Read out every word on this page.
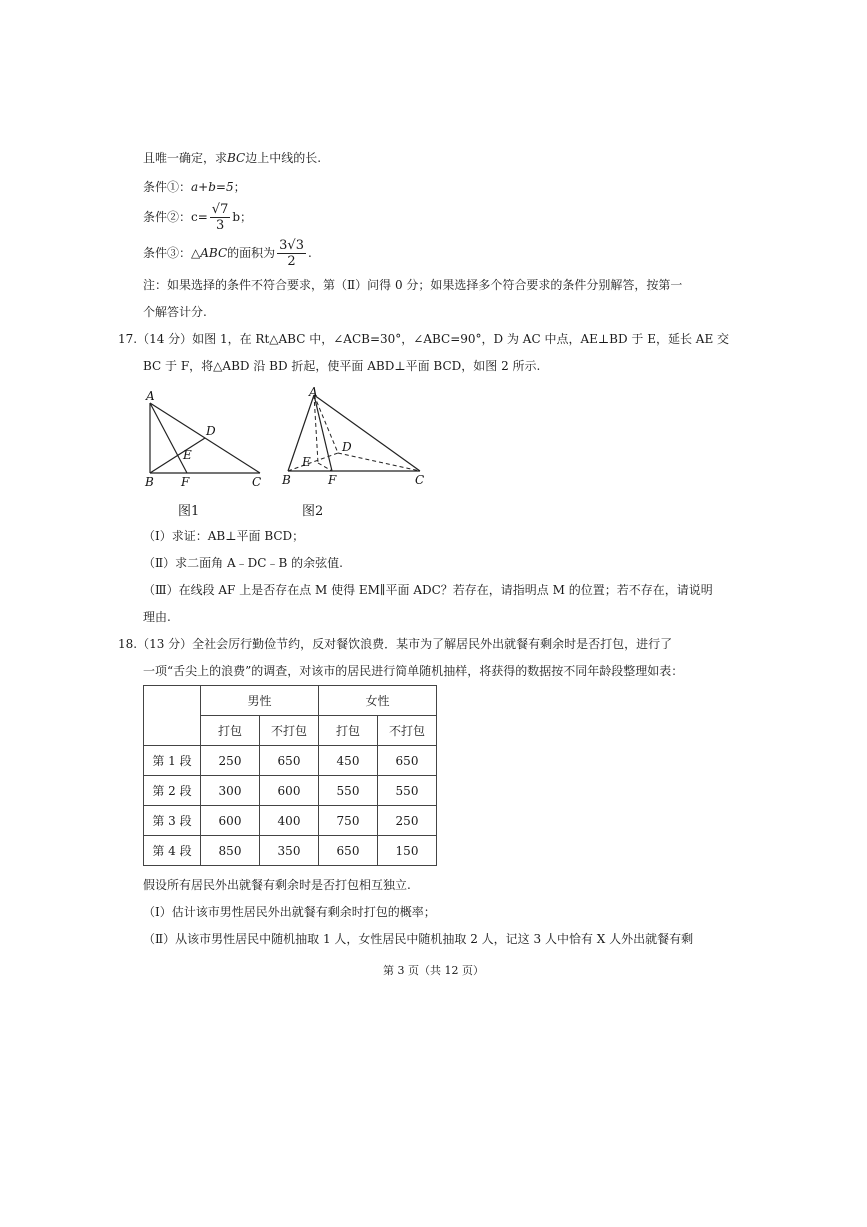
且唯一确定，求BC边上中线的长.
条件①：a+b=5；
条件②：$c= \frac{√7}{3}$ b；
条件③：△ABC的面积为 $\frac{3√3}{2}$ .
注：如果选择的条件不符合要求，第（Ⅱ）问得 0 分；如果选择多个符合要求的条件分别解答，按第一
个解答计分.
17.（14 分）如图 1，在 Rt△ABC 中，∠ACB=30°，∠ABC=90°，D 为 AC 中点，AE⊥BD 于 E，延长 AE 交
BC 于 F，将△ABD 沿 BD 折起，使平面 ABD⊥平面 BCD，如图 2 所示.
A
B	C
D
E
F
图1
A
B	C
D
E
F
图2
（Ⅰ）求证：AB⊥平面 BCD；
（Ⅱ）求二面角 A﹣DC﹣B 的余弦值.
（Ⅲ）在线段 AF 上是否存在点 M 使得 EM∥平面 ADC？若存在，请指明点 M 的位置；若不存在，请说明
理由.
18.（13 分）全社会厉行勤俭节约，反对餐饮浪费．某市为了解居民外出就餐有剩余时是否打包，进行了
一项“舌尖上的浪费”的调查，对该市的居民进行简单随机抽样，将获得的数据按不同年龄段整理如表：
	男性		女性	
	打包	不打包	打包	不打包
第 1 段	250	650	450	650
第 2 段	300	600	550	550
第 3 段	600	400	750	250
第 4 段	850	350	650	150
假设所有居民外出就餐有剩余时是否打包相互独立.
（Ⅰ）估计该市男性居民外出就餐有剩余时打包的概率；
（Ⅱ）从该市男性居民中随机抽取 1 人，女性居民中随机抽取 2 人，记这 3 人中恰有 X 人外出就餐有剩
第 3 页（共 12 页）
